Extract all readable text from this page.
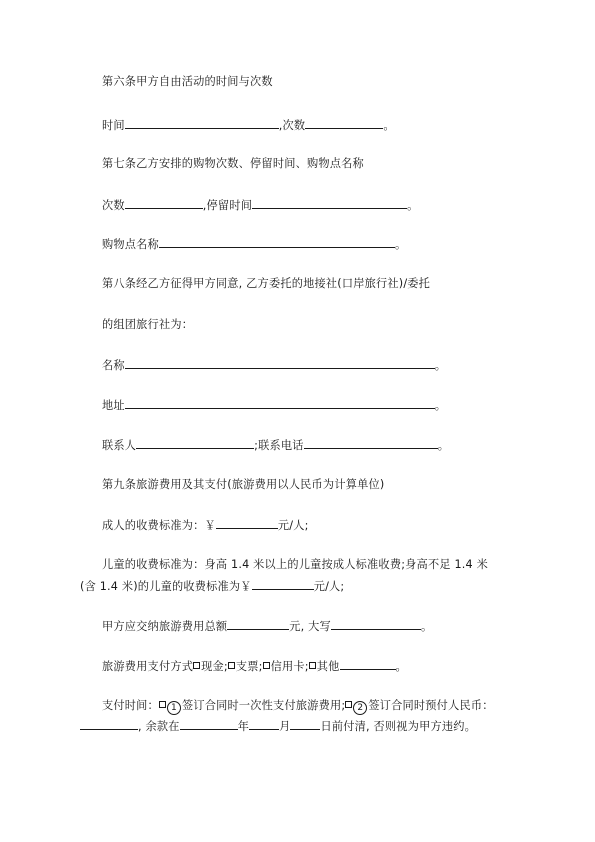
第六条甲方自由活动的时间与次数
时间	,次数	。
第七条乙方安排的购物次数、停留时间、购物点名称
次数	,停留时间	。
购物点名称	。
第八条经乙方征得甲方同意, 乙方委托的地接社(口岸旅行社)/委托
的组团旅行社为：
名称	。
地址	。
联系人	;联系电话	。
第九条旅游费用及其支付(旅游费用以人民币为计算单位)
成人的收费标准为：￥	元/人;
儿童的收费标准为：身高 1.4 米以上的儿童按成人标准收费;身高不足 1.4 米
(含 1.4 米)的儿童的收费标准为￥	元/人;
甲方应交纳旅游费用总额	元, 大写	。
旅游费用支付方式 现金; 支票; 信用卡; 其他	。
支付时间： 1 签订合同时一次性支付旅游费用; 2 签订合同时预付人民币：
, 余款在	年	月	日前付清, 否则视为甲方违约。
